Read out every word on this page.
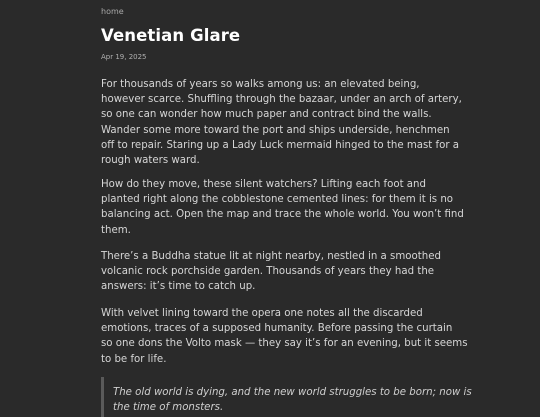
home
Venetian Glare
Apr 19, 2025

For thousands of years so walks among us: an elevated being,
however scarce. Shuffling through the bazaar, under an arch of artery,
so one can wonder how much paper and contract bind the walls.
Wander some more toward the port and ships underside, henchmen
off to repair. Staring up a Lady Luck mermaid hinged to the mast for a
rough waters ward.

How do they move, these silent watchers? Lifting each foot and
planted right along the cobblestone cemented lines: for them it is no
balancing act. Open the map and trace the whole world. You won’t find
them.

There’s a Buddha statue lit at night nearby, nestled in a smoothed
volcanic rock porchside garden. Thousands of years they had the
answers: it’s time to catch up.

With velvet lining toward the opera one notes all the discarded
emotions, traces of a supposed humanity. Before passing the curtain
so one dons the Volto mask — they say it’s for an evening, but it seems
to be for life.

The old world is dying, and the new world struggles to be born; now is
the time of monsters.
